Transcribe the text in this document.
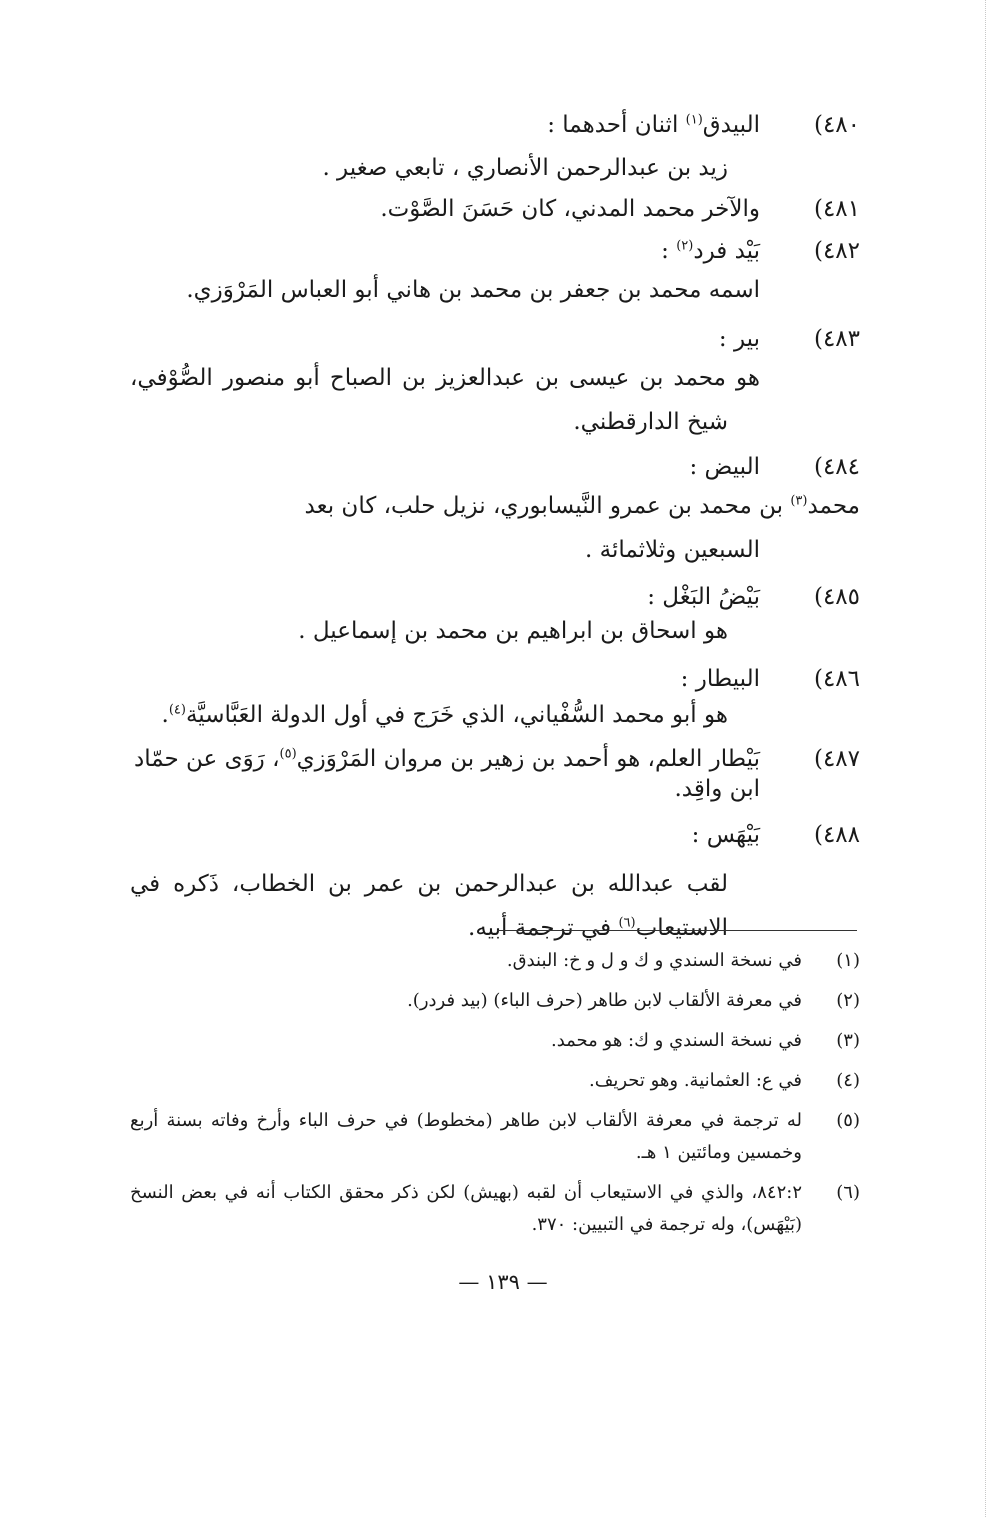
٤٨٠)
البيدق$^{(١)}$ اثنان أحدهما :
زيد بن عبدالرحمن الأنصاري ، تابعي صغير .
٤٨١)
والآخر محمد المدني، كان حَسَنَ الصَّوْت.
٤٨٢)
بَيْد فرد$^{(٢)}$ :
اسمه محمد بن جعفر بن محمد بن هاني أبو العباس المَرْوَزي.
٤٨٣)
بير :
هو محمد بن عيسى بن عبدالعزيز بن الصباح أبو منصور الصُّوْفي، شيخ الدارقطني.
٤٨٤)
البيض :
محمد$^{(٣)}$ بن محمد بن عمرو النَّيسابوري، نزيل حلب، كان بعد
السبعين وثلاثمائة .
٤٨٥)
بَيْضُ البَغْل :
هو اسحاق بن ابراهيم بن محمد بن إسماعيل .
٤٨٦)
البيطار :
هو أبو محمد السُّفْياني، الذي خَرَج في أول الدولة العَبَّاسيَّة$^{(٤)}$.
٤٨٧)
بَيْطار العلم، هو أحمد بن زهير بن مروان المَرْوَزي$^{(٥)}$، رَوَى عن حمّاد
ابن واقِد.
٤٨٨)
بَيْهَس :
لقب عبدالله بن عبدالرحمن بن عمر بن الخطاب، ذَكره في الاستيعاب$^{(٦)}$ في ترجمة أبيه.
(١)
في نسخة السندي و ك و ل و خ: البندق.
(٢)
في معرفة الألقاب لابن طاهر (حرف الباء) (بيد فردر).
(٣)
في نسخة السندي و ك: هو محمد.
(٤)
في ع: العثمانية. وهو تحريف.
(٥)
له ترجمة في معرفة الألقاب لابن طاهر (مخطوط) في حرف الباء وأرخ وفاته بسنة أربع وخمسين ومائتين ١ هـ.
(٦)
٨٤٢:٢، والذي في الاستيعاب أن لقبه (بهيش) لكن ذكر محقق الكتاب أنه في بعض النسخ (بَيْهَس)، وله ترجمة في التبيين: ٣٧٠.
— ١٣٩ —
